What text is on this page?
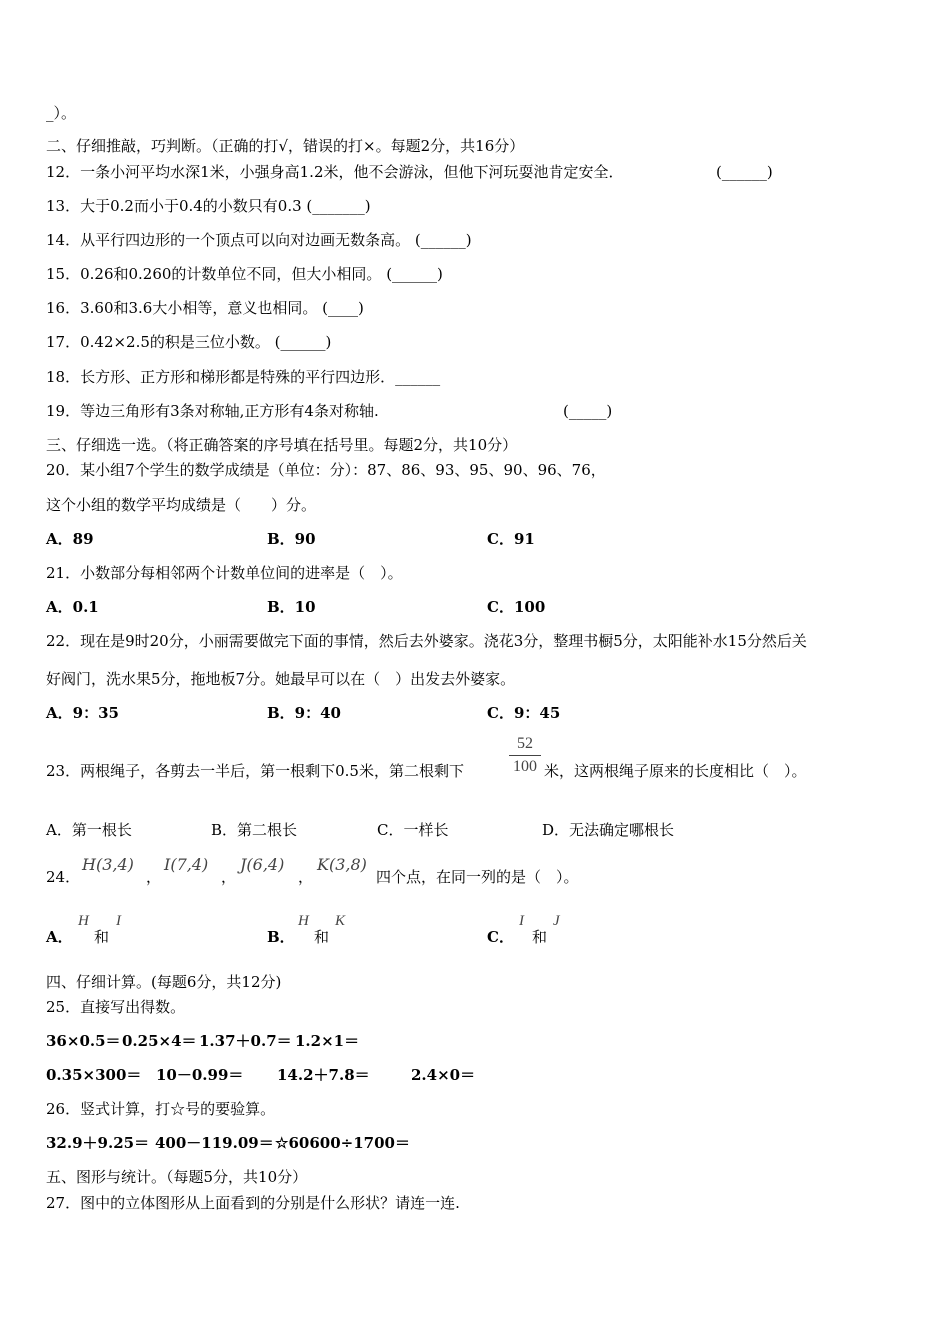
_）。
二、仔细推敲，巧判断。（正确的打√，错误的打×。每题2分，共16分）
12．一条小河平均水深1米，小强身高1.2米，他不会游泳，但他下河玩耍池肯定安全．	(______)
13．大于0.2而小于0.4的小数只有0.3 (_______)
14．从平行四边形的一个顶点可以向对边画无数条高。 (______)
15．0.26和0.260的计数单位不同，但大小相同。 (______)
16．3.60和3.6大小相等，意义也相同。 (____)
17．0.42×2.5的积是三位小数。 (______)
18．长方形、正方形和梯形都是特殊的平行四边形．______
19．等边三角形有3条对称轴,正方形有4条对称轴.	(_____)
三、仔细选一选。（将正确答案的序号填在括号里。每题2分，共10分）
20．某小组7个学生的数学成绩是（单位：分）：87、86、93、95、90、96、76，
这个小组的数学平均成绩是（　　）分。
A．89	B．90	C．91
21．小数部分每相邻两个计数单位间的进率是（　）。
A．0.1	B．10	C．100
22．现在是9时20分，小丽需要做完下面的事情，然后去外婆家。浇花3分，整理书橱5分，太阳能补水15分然后关
好阀门，洗水果5分，拖地板7分。她最早可以在（　）出发去外婆家。
A．9：35	B．9：40	C．9：45
23．两根绳子，各剪去一半后，第一根剩下0.5米，第二根剩下
52
100 米，这两根绳子原来的长度相比（　）。
A．第一根长	B．第二根长	C．一样长	D．无法确定哪根长
24．
H(3,4)
，
I(7,4)
，
J(6,4)
，
K(3,8)
四个点，在同一列的是（　）。
A．
H
和
I
B．
H
和
K
C．
I
和
J
四、仔细计算。(每题6分，共12分)
25．直接写出得数。
36×0.5＝ 0.25×4＝ 1.37＋0.7＝ 1.2×1＝
0.35×300＝ 10－0.99＝ 14.2＋7.8＝	2.4×0＝
26．竖式计算，打☆号的要验算。
32.9＋9.25＝ 400－119.09＝ ☆60600÷1700＝
五、图形与统计。（每题5分，共10分）
27．图中的立体图形从上面看到的分别是什么形状？请连一连.
